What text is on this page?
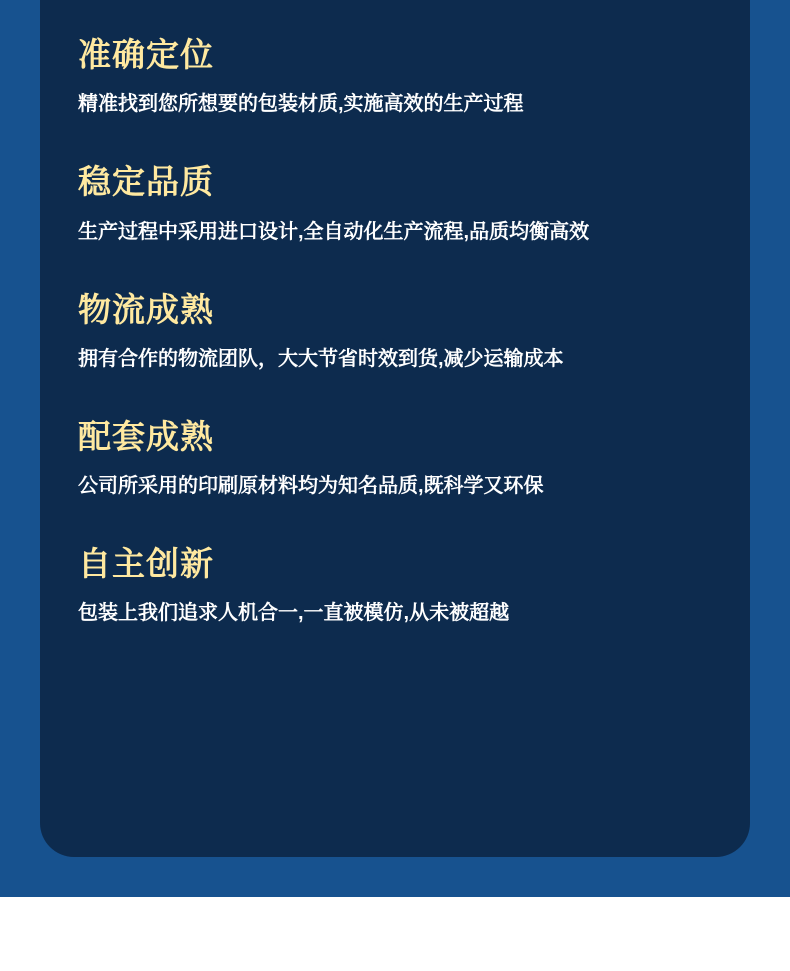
准确定位
精准找到您所想要的包装材质,实施高效的生产过程
稳定品质
生产过程中采用进口设计,全自动化生产流程,品质均衡高效
物流成熟
拥有合作的物流团队，大大节省时效到货,减少运输成本
配套成熟
公司所采用的印刷原材料均为知名品质,既科学又环保
自主创新
包装上我们追求人机合一,一直被模仿,从未被超越
